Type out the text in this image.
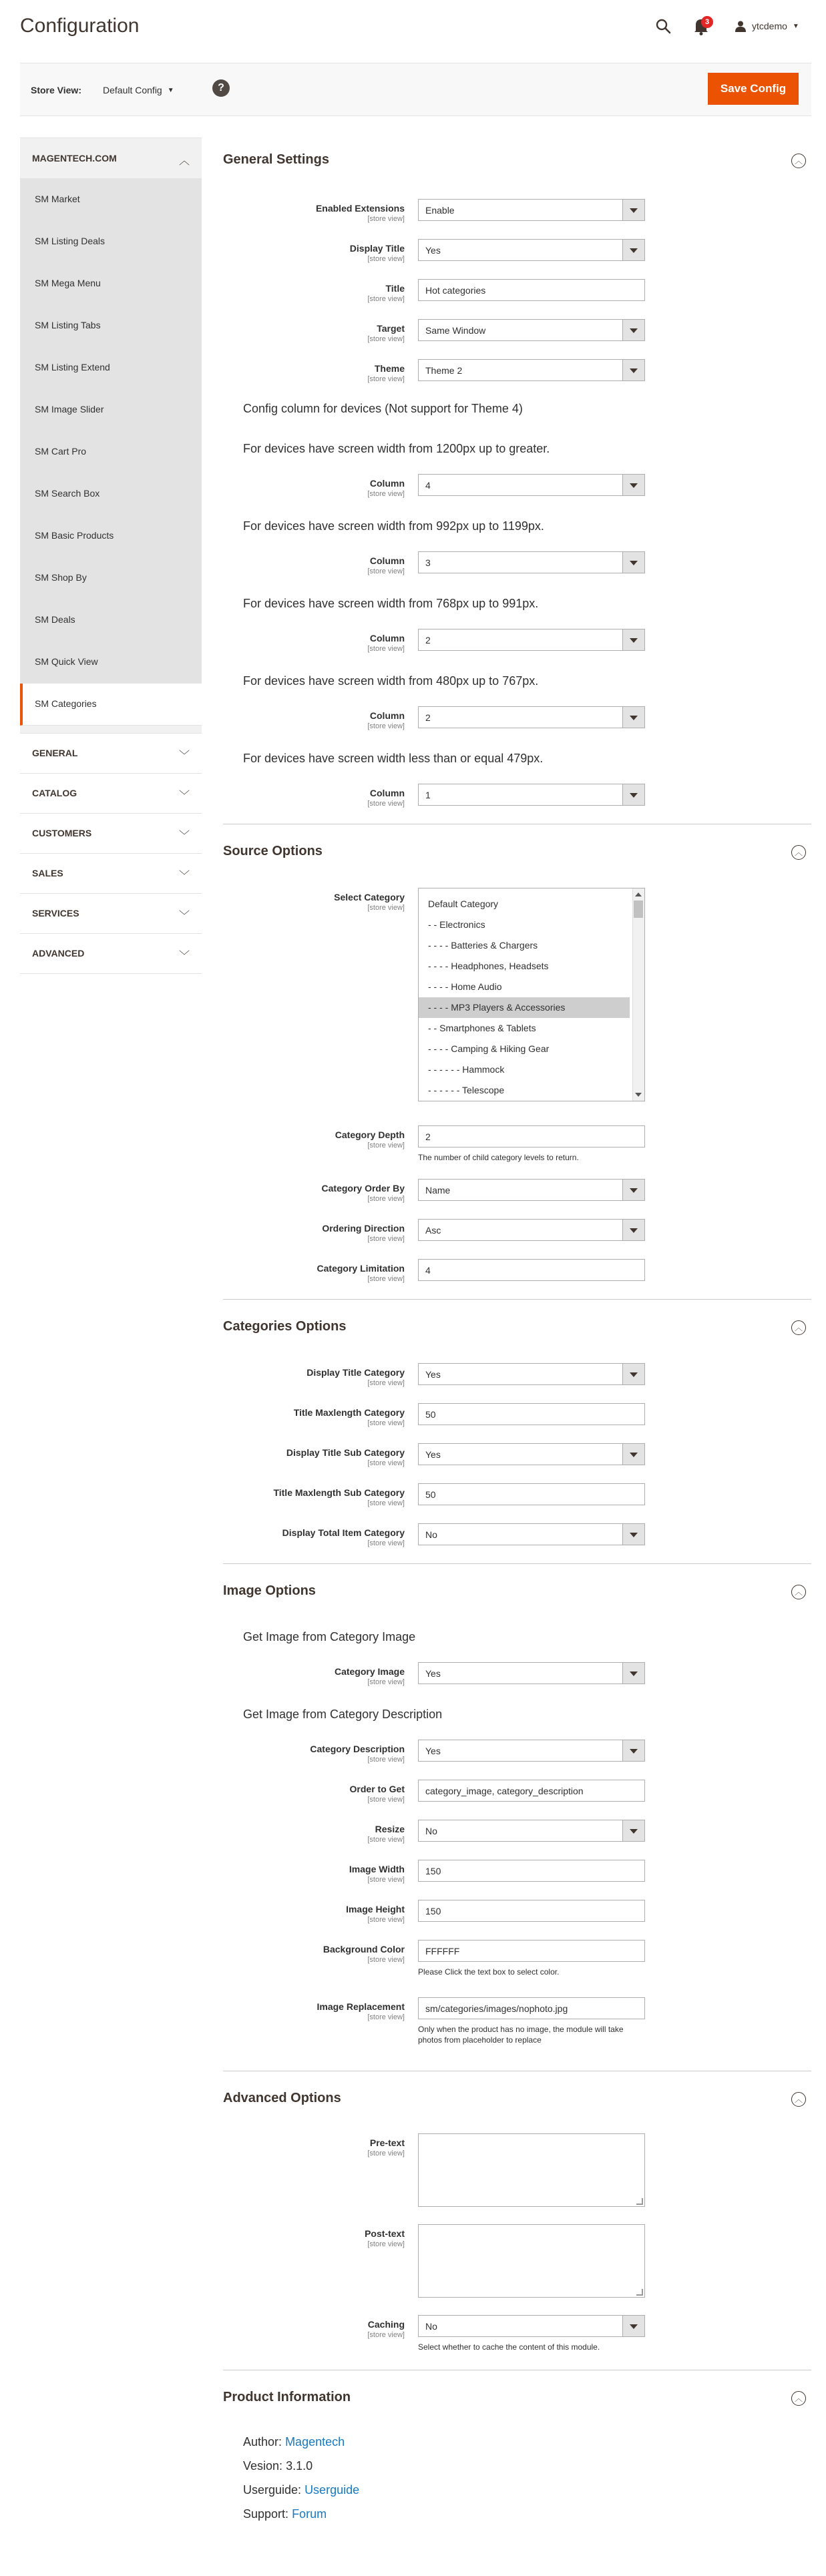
Configuration	3	ytcdemo ▼
Store View: Default Config ▼	?	Save Config
MAGENTECH.COM	︿
SM Market
SM Listing Deals
SM Mega Menu
SM Listing Tabs
SM Listing Extend
SM Image Slider
SM Cart Pro
SM Search Box
SM Basic Products
SM Shop By
SM Deals
SM Quick View
SM Categories
GENERAL	﹀
CATALOG	﹀
CUSTOMERS	﹀
SALES	﹀
SERVICES	﹀
ADVANCED	﹀
General Settings	︿
Enabled Extensions
[store view]
Enable
Display Title
[store view]
Yes
Title
[store view]
Hot categories
Target
[store view]
Same Window
Theme
[store view]
Theme 2
Config column for devices (Not support for Theme 4)
For devices have screen width from 1200px up to greater.
Column
[store view]
4
For devices have screen width from 992px up to 1199px.
Column
[store view]
3
For devices have screen width from 768px up to 991px.
Column
[store view]
2
For devices have screen width from 480px up to 767px.
Column
[store view]
2
For devices have screen width less than or equal 479px.
Column
[store view]
1
Source Options	︿
Select Category
[store view]	Default Category
- - Electronics
- - - - Batteries & Chargers
- - - - Headphones, Headsets
- - - - Home Audio
- - - - MP3 Players & Accessories
- - Smartphones & Tablets
- - - - Camping & Hiking Gear
- - - - - - Hammock
- - - - - - Telescope
Category Depth
[store view]
2
The number of child category levels to return.
Category Order By
[store view]
Name
Ordering Direction
[store view]
Asc
Category Limitation
[store view]
4
Categories Options	︿
Display Title Category
[store view]
Yes
Title Maxlength Category
[store view]
50
Display Title Sub Category
[store view]
Yes
Title Maxlength Sub Category
[store view]
50
Display Total Item Category
[store view]
No
Image Options	︿
Get Image from Category Image
Category Image
[store view]
Yes
Get Image from Category Description
Category Description
[store view]
Yes
Order to Get
[store view]
category_image, category_description
Resize
[store view]
No
Image Width
[store view]
150
Image Height
[store view]
150
Background Color
[store view]
FFFFFF
Please Click the text box to select color.
Image Replacement
[store view]
sm/categories/images/nophoto.jpg
Only when the product has no image, the module will take photos from placeholder to replace
Advanced Options	︿
Pre-text
[store view]
Post-text
[store view]
Caching
[store view]
No
Select whether to cache the content of this module.
Product Information	︿
Author: Magentech
Vesion: 3.1.0
Userguide: Userguide
Support: Forum
